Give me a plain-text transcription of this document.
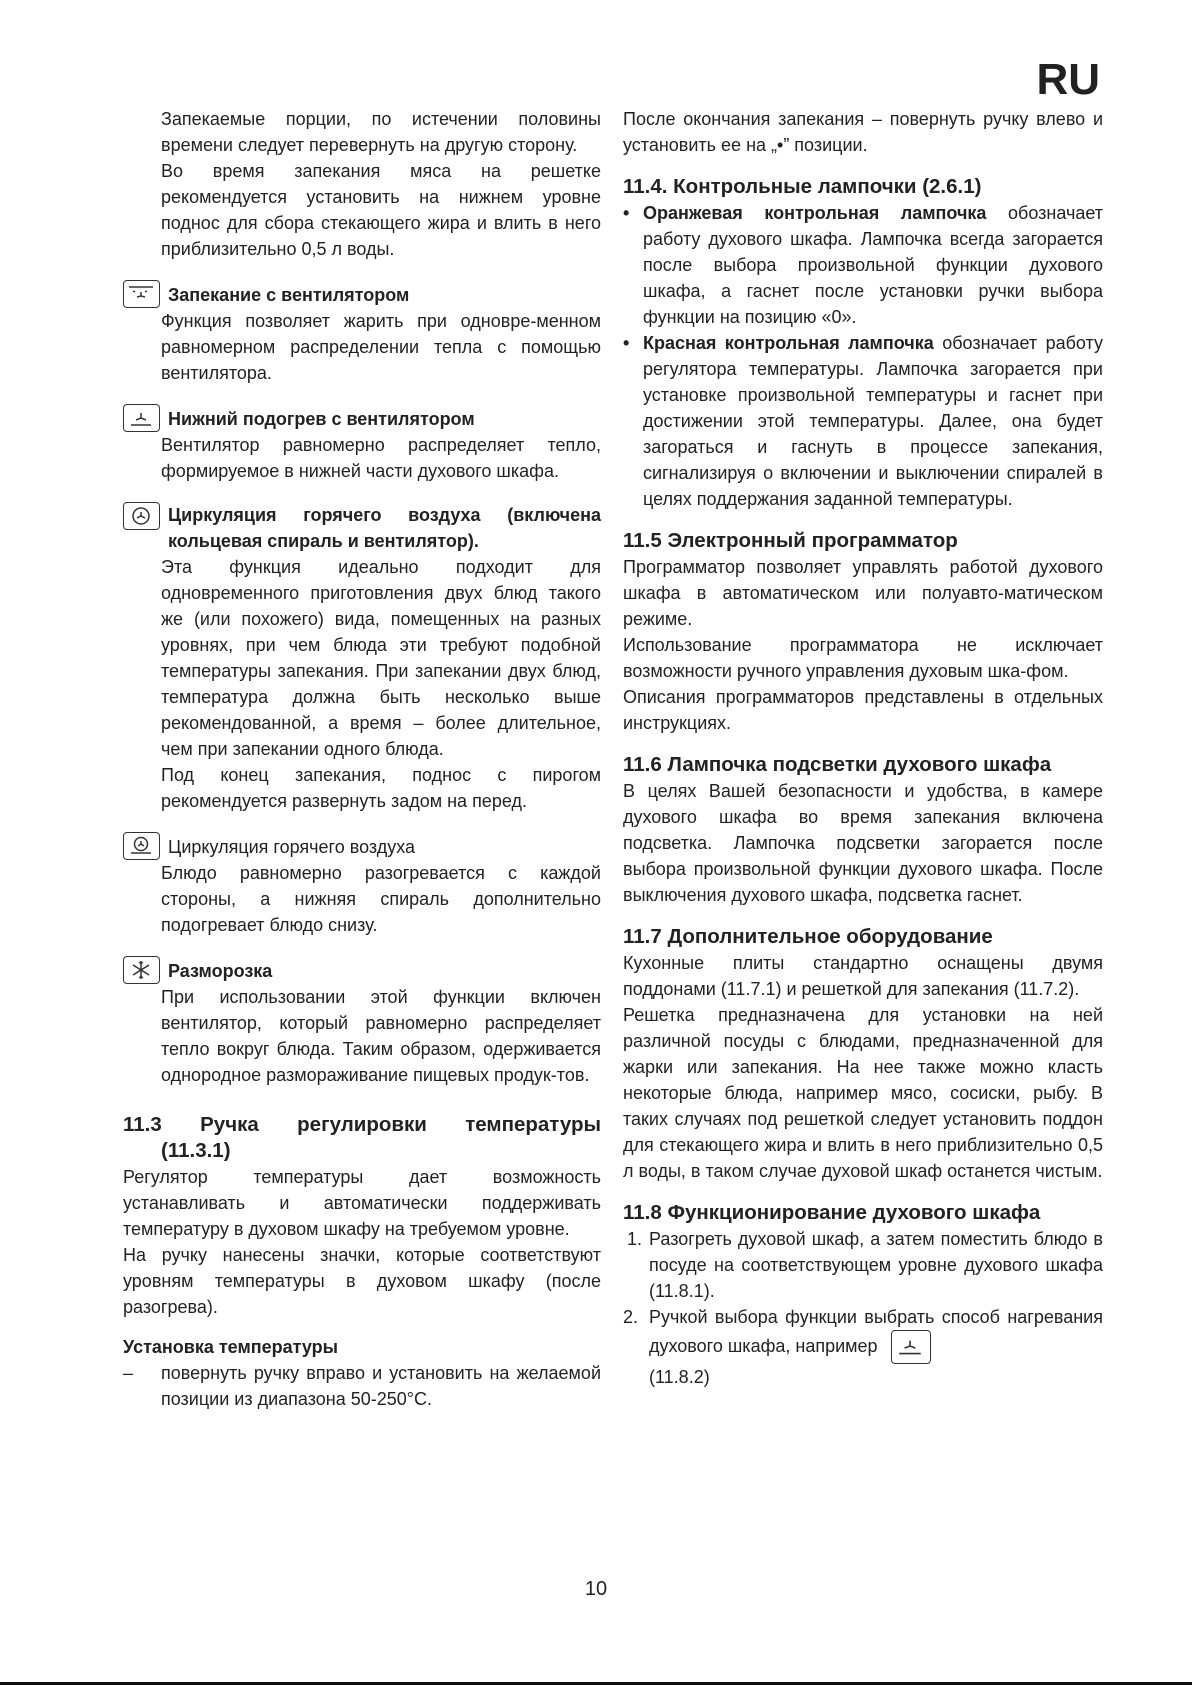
RU

Запекаемые порции, по истечении половины времени следует перевернуть на другую сторону.

Во время запекания мяса на решетке рекомендуется установить на нижнем уровне поднос для сбора стекающего жира и влить в него приблизительно 0,5 л воды.

Запекание с вентилятором

Функция позволяет жарить при одновре-менном равномерном распределении тепла с помощью вентилятора.

Нижний подогрев с вентилятором

Вентилятор равномерно распределяет тепло, формируемое в нижней части духового шкафа.

Циркуляция горячего воздуха (включена кольцевая спираль и вентилятор).

Эта функция идеально подходит для одновременного приготовления двух блюд такого же (или похожего) вида, помещенных на разных уровнях, при чем блюда эти требуют подобной температуры запекания. При запекании двух блюд, температура должна быть несколько выше рекомендованной, а время – более длительное, чем при запекании одного блюда.

Под конец запекания, поднос с пирогом рекомендуется развернуть задом на перед.

Циркуляция горячего воздуха

Блюдо равномерно разогревается с каждой стороны, а нижняя спираль дополнительно подогревает блюдо снизу.

Разморозка

При использовании этой функции включен вентилятор, который равномерно распределяет тепло вокруг блюда. Таким образом, одерживается однородное размораживание пищевых продук-тов.

11.3 Ручка регулировки температуры

(11.3.1)

Регулятор температуры дает возможность устанавливать и автоматически поддерживать температуру в духовом шкафу на требуемом уровне.

На ручку нанесены значки, которые соответствуют уровням температуры в духовом шкафу (после разогрева).

Установка температуры

– повернуть ручку вправо и установить на желаемой позиции из диапазона 50-250°C.

После окончания запекания – повернуть ручку влево и установить ее на „•” позиции.

11.4. Контрольные лампочки (2.6.1)

• Оранжевая контрольная лампочка обозначает работу духового шкафа. Лампочка всегда загорается после выбора произвольной функции духового шкафа, а гаснет после установки ручки выбора функции на позицию «0».

• Красная контрольная лампочка обозначает работу регулятора температуры. Лампочка загорается при установке произвольной температуры и гаснет при достижении этой температуры. Далее, она будет загораться и гаснуть в процессе запекания, сигнализируя о включении и выключении спиралей в целях поддержания заданной температуры.

11.5 Электронный программатор

Программатор позволяет управлять работой духового шкафа в автоматическом или полуавто-матическом режиме.

Использование программатора не исключает возможности ручного управления духовым шка-фом.

Описания программаторов представлены в отдельных инструкциях.

11.6 Лампочка подсветки духового шкафа

В целях Вашей безопасности и удобства, в камере духового шкафа во время запекания включена подсветка. Лампочка подсветки загорается после выбора произвольной функции духового шкафа. После выключения духового шкафа, подсветка гаснет.

11.7 Дополнительное оборудование

Кухонные плиты стандартно оснащены двумя поддонами (11.7.1) и решеткой для запекания (11.7.2).

Решетка предназначена для установки на ней различной посуды с блюдами, предназначенной для жарки или запекания. На нее также можно класть некоторые блюда, например мясо, сосиски, рыбу. В таких случаях под решеткой следует установить поддон для стекающего жира и влить в него приблизительно 0,5 л воды, в таком случае духовой шкаф останется чистым.

11.8 Функционирование духового шкафа

1. Разогреть духовой шкаф, а затем поместить блюдо в посуде на соответствующем уровне духового шкафа (11.8.1).

2. Ручкой выбора функции выбрать способ нагревания духового шкафа, например

(11.8.2)

10
